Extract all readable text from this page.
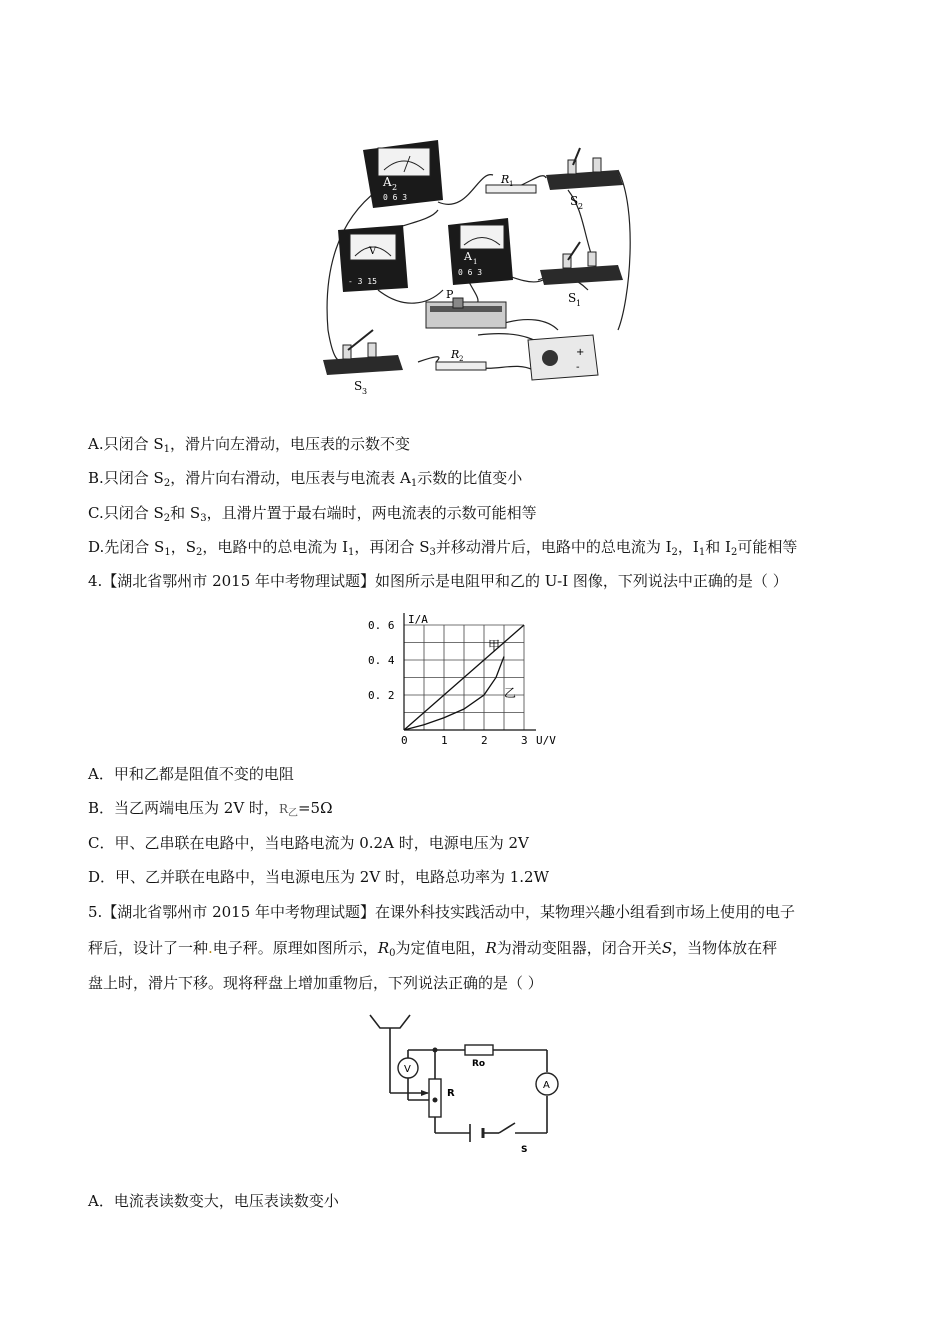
A 2
0 6 3
R 1
S 2
V
- 3 15
A 1
0 6 3
S 1
P
+
-
R 2
S 3
A.只闭合 $S_1$，滑片向左滑动，电压表的示数不变
B.只闭合 $S_2$，滑片向右滑动，电压表与电流表 $A_1$示数的比值变小
C.只闭合 $S_2$和 $S_3$，且滑片置于最右端时，两电流表的示数可能相等
D.先闭合 $S_1$，$S_2$，电路中的总电流为 $I_1$，再闭合 $S_3$并移动滑片后，电路中的总电流为 $I_2$，$I_1$和 $I_2$可能相等
4.【湖北省鄂州市 2015 年中考物理试题】如图所示是电阻甲和乙的 U-I 图像，下列说法中正确的是（ ）
0	1	2	3
0. 2
0. 4
0. 6
U/V
I/A
甲
乙
A．甲和乙都是阻值不变的电阻
B．当乙两端电压为 2V 时，$R_乙=5\Omega$
C．甲、乙串联在电路中，当电路电流为 0.2A 时，电源电压为 2V
D．甲、乙并联在电路中，当电源电压为 2V 时，电路总功率为 1.2W
5.【湖北省鄂州市 2015 年中考物理试题】在课外科技实践活动中，某物理兴趣小组看到市场上使用的电子
秤后，设计了一种.电子秤。原理如图所示，$R_0$为定值电阻，R为滑动变阻器，闭合开关S，当物体放在秤
盘上时，滑片下移。现将秤盘上增加重物后，下列说法正确的是（ ）
Ro
R
V
A
S
A．电流表读数变大，电压表读数变小
